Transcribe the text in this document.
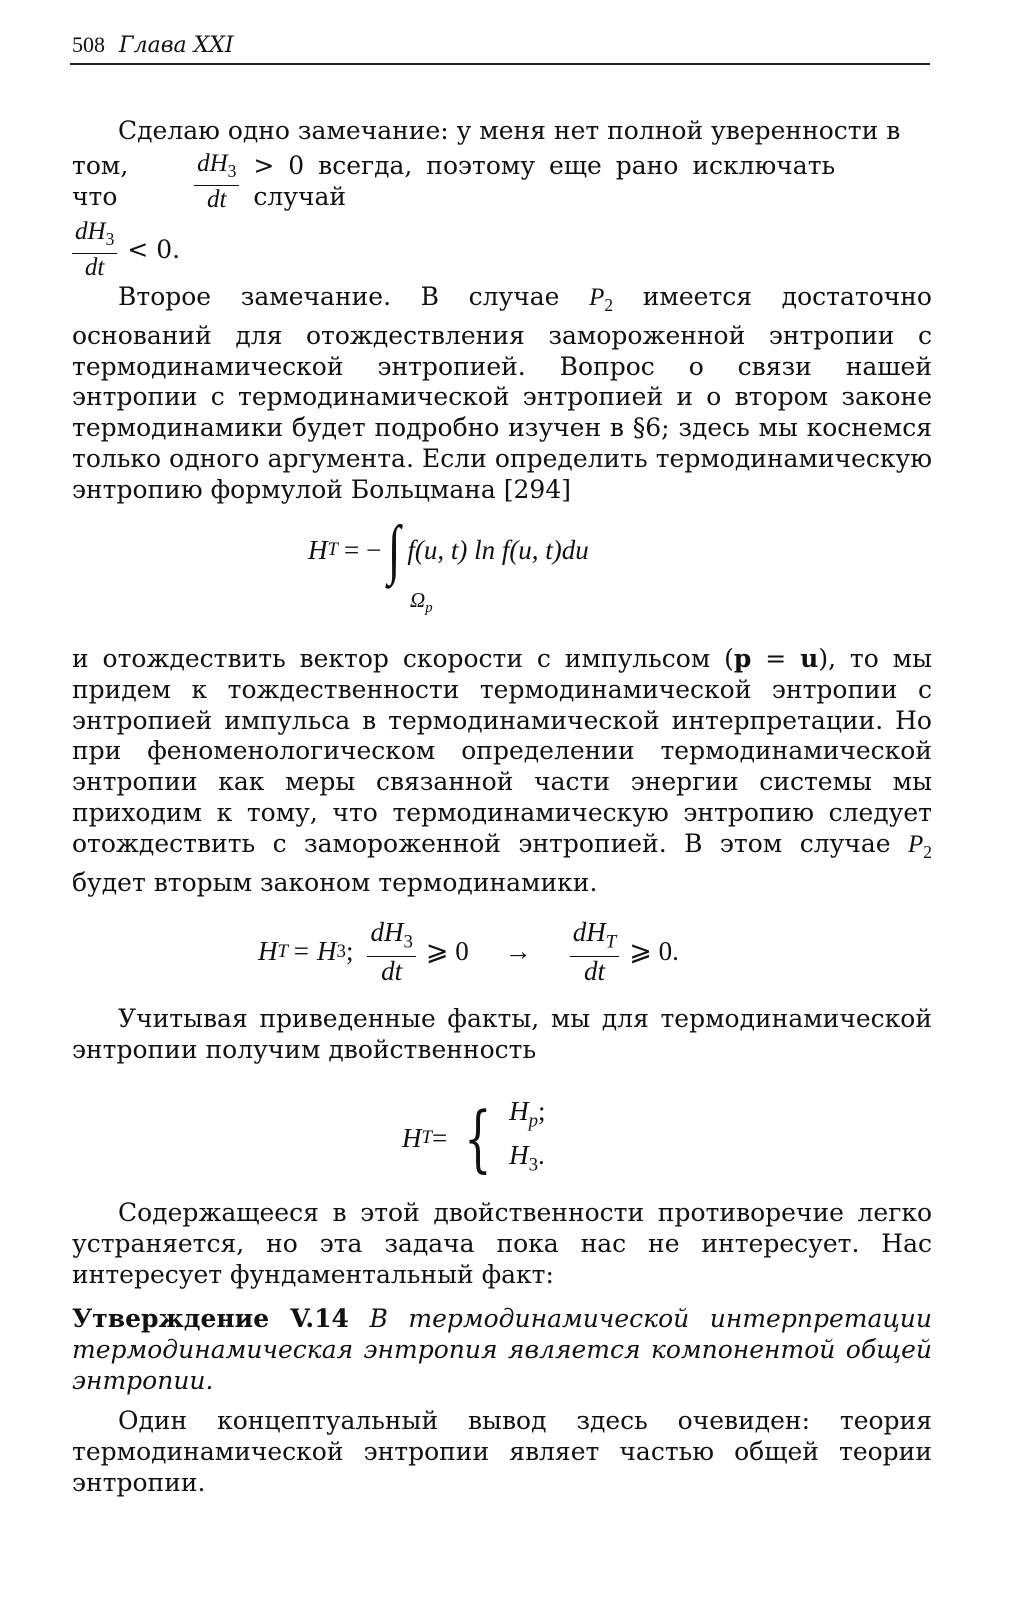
508 Глава XXI
Сделаю одно замечание: у меня нет полной уверенности в
том, что	$\frac{dH_3}{dt} > 0$ всегда, поэтому еще рано исключать случай
$\frac{dH_3}{dt} < 0$.
Второе замечание. В случае $P_2$ имеется достаточно оснований для отождествления замороженной энтропии с термодинамической энтропией. Вопрос о связи нашей энтропии с термодинамической энтропией и о втором законе термодинамики будет подробно изучен в §6; здесь мы коснемся только одного аргумента. Если определить термодинамическую энтропию формулой Больцмана [294]
H T = − ∫ f(u, t) ln f(u, t)du
$\Omega_p$
и отождествить вектор скорости с импульсом (p = u), то мы придем к тождественности термодинамической энтропии с энтропией импульса в термодинамической интерпретации. Но при феноменологическом определении термодинамической энтропии как меры связанной части энергии системы мы приходим к тому, что термодинамическую энтропию следует отождествить с замороженной энтропией. В этом случае $P_2$ будет вторым законом термодинамики.
H T = H 3 ; $\frac{dH_3}{dt}$ ⩾ $0 \to \frac{dH_T}{dt}$ ⩾ 0.
Учитывая приведенные факты, мы для термодинамической энтропии получим двойственность
H T = { $H_p$;
$H_3$.
Содержащееся в этой двойственности противоречие легко устраняется, но эта задача пока нас не интересует. Нас интересует фундаментальный факт:
Утверждение V.14 В термодинамической интерпретации термодинамическая энтропия является компонентой общей энтропии.
Один концептуальный вывод здесь очевиден: теория термодинамической энтропии являет частью общей теории энтропии.
